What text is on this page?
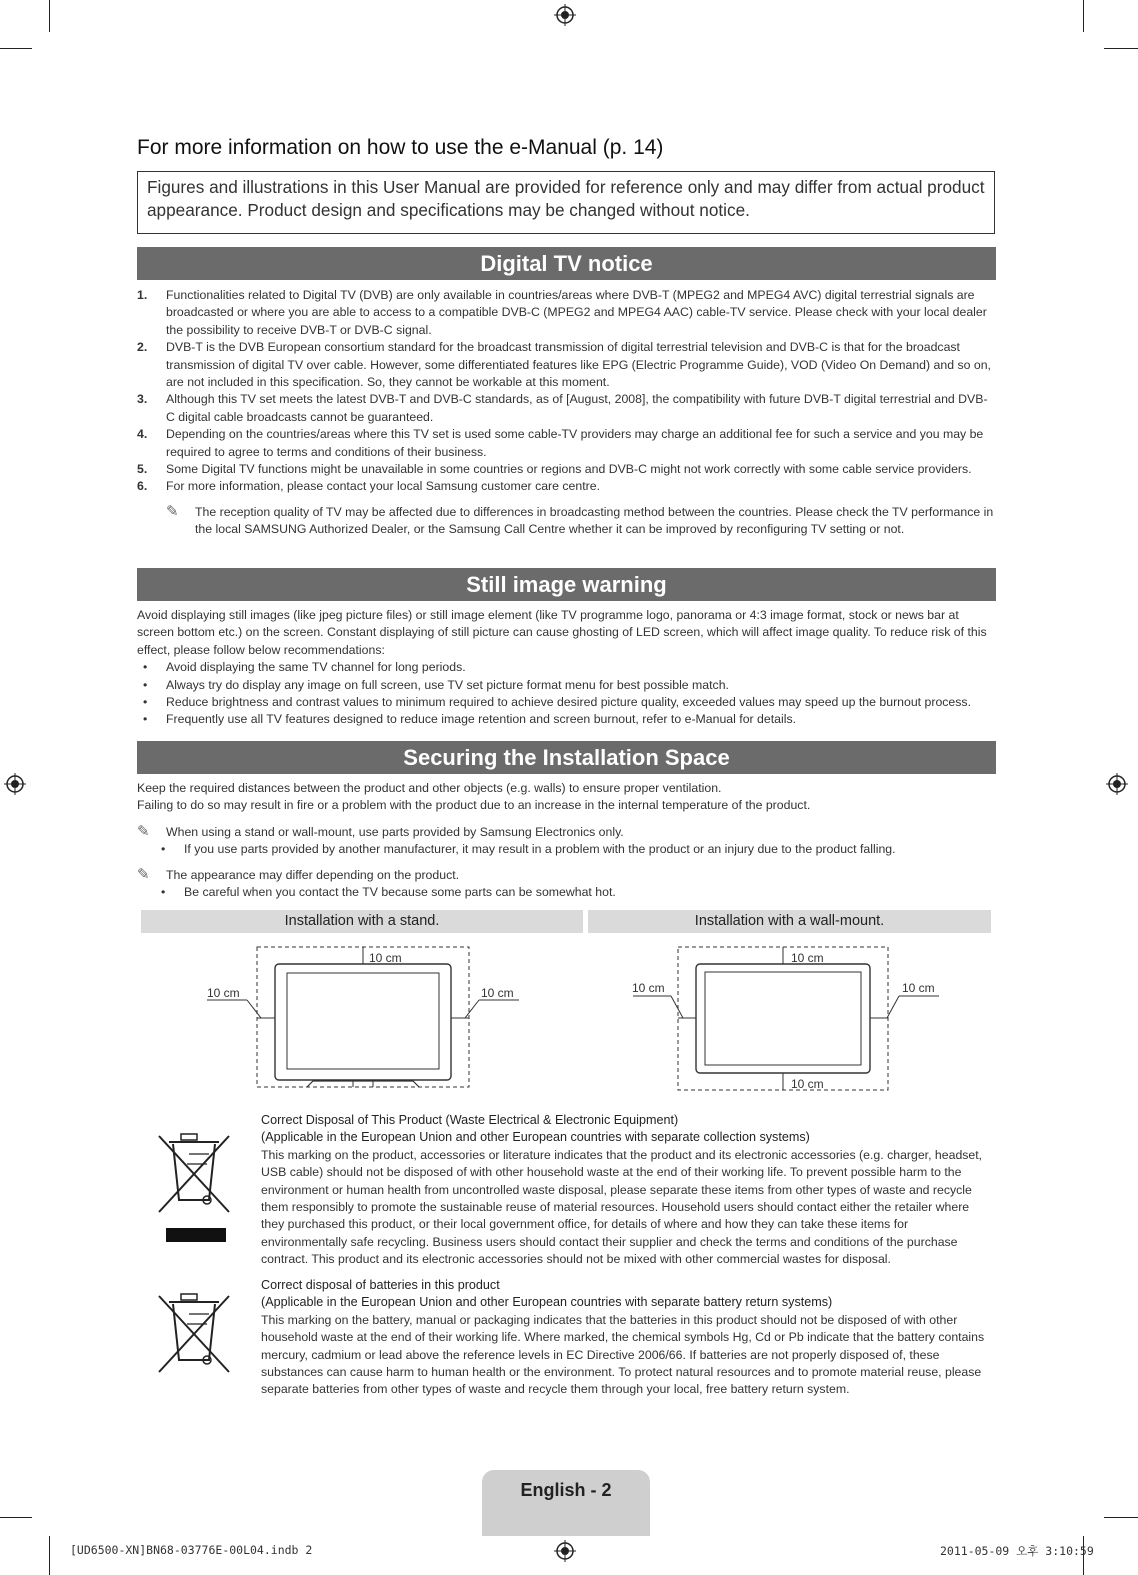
For more information on how to use the e-Manual (p. 14)
Figures and illustrations in this User Manual are provided for reference only and may differ from actual product appearance. Product design and specifications may be changed without notice.
Digital TV notice
1. Functionalities related to Digital TV (DVB) are only available in countries/areas where DVB-T (MPEG2 and MPEG4 AVC) digital terrestrial signals are broadcasted or where you are able to access to a compatible DVB-C (MPEG2 and MPEG4 AAC) cable-TV service. Please check with your local dealer the possibility to receive DVB-T or DVB-C signal.
2. DVB-T is the DVB European consortium standard for the broadcast transmission of digital terrestrial television and DVB-C is that for the broadcast transmission of digital TV over cable. However, some differentiated features like EPG (Electric Programme Guide), VOD (Video On Demand) and so on, are not included in this specification. So, they cannot be workable at this moment.
3. Although this TV set meets the latest DVB-T and DVB-C standards, as of [August, 2008], the compatibility with future DVB-T digital terrestrial and DVB-C digital cable broadcasts cannot be guaranteed.
4. Depending on the countries/areas where this TV set is used some cable-TV providers may charge an additional fee for such a service and you may be required to agree to terms and conditions of their business.
5. Some Digital TV functions might be unavailable in some countries or regions and DVB-C might not work correctly with some cable service providers.
6. For more information, please contact your local Samsung customer care centre.
✎ The reception quality of TV may be affected due to differences in broadcasting method between the countries. Please check the TV performance in the local SAMSUNG Authorized Dealer, or the Samsung Call Centre whether it can be improved by reconfiguring TV setting or not.
Still image warning
Avoid displaying still images (like jpeg picture files) or still image element (like TV programme logo, panorama or 4:3 image format, stock or news bar at screen bottom etc.) on the screen. Constant displaying of still picture can cause ghosting of LED screen, which will affect image quality. To reduce risk of this effect, please follow below recommendations:
• Avoid displaying the same TV channel for long periods.
• Always try do display any image on full screen, use TV set picture format menu for best possible match.
• Reduce brightness and contrast values to minimum required to achieve desired picture quality, exceeded values may speed up the burnout process.
• Frequently use all TV features designed to reduce image retention and screen burnout, refer to e-Manual for details.
Securing the Installation Space
Keep the required distances between the product and other objects (e.g. walls) to ensure proper ventilation.
Failing to do so may result in fire or a problem with the product due to an increase in the internal temperature of the product.
✎ When using a stand or wall-mount, use parts provided by Samsung Electronics only.
• If you use parts provided by another manufacturer, it may result in a problem with the product or an injury due to the product falling.
✎ The appearance may differ depending on the product.
• Be careful when you contact the TV because some parts can be somewhat hot.
Installation with a stand.	Installation with a wall-mount.
10 cm
10 cm	10 cm
10 cm
10 cm	10 cm
10 cm
Correct Disposal of This Product (Waste Electrical & Electronic Equipment)
(Applicable in the European Union and other European countries with separate collection systems)
This marking on the product, accessories or literature indicates that the product and its electronic accessories (e.g. charger, headset, USB cable) should not be disposed of with other household waste at the end of their working life. To prevent possible harm to the environment or human health from uncontrolled waste disposal, please separate these items from other types of waste and recycle them responsibly to promote the sustainable reuse of material resources. Household users should contact either the retailer where they purchased this product, or their local government office, for details of where and how they can take these items for environmentally safe recycling. Business users should contact their supplier and check the terms and conditions of the purchase contract. This product and its electronic accessories should not be mixed with other commercial wastes for disposal.
Correct disposal of batteries in this product
(Applicable in the European Union and other European countries with separate battery return systems)
This marking on the battery, manual or packaging indicates that the batteries in this product should not be disposed of with other household waste at the end of their working life. Where marked, the chemical symbols Hg, Cd or Pb indicate that the battery contains mercury, cadmium or lead above the reference levels in EC Directive 2006/66. If batteries are not properly disposed of, these substances can cause harm to human health or the environment. To protect natural resources and to promote material reuse, please separate batteries from other types of waste and recycle them through your local, free battery return system.
English - 2
[UD6500-XN]BN68-03776E-00L04.indb 2	2011-05-09 오후 3:10:59
